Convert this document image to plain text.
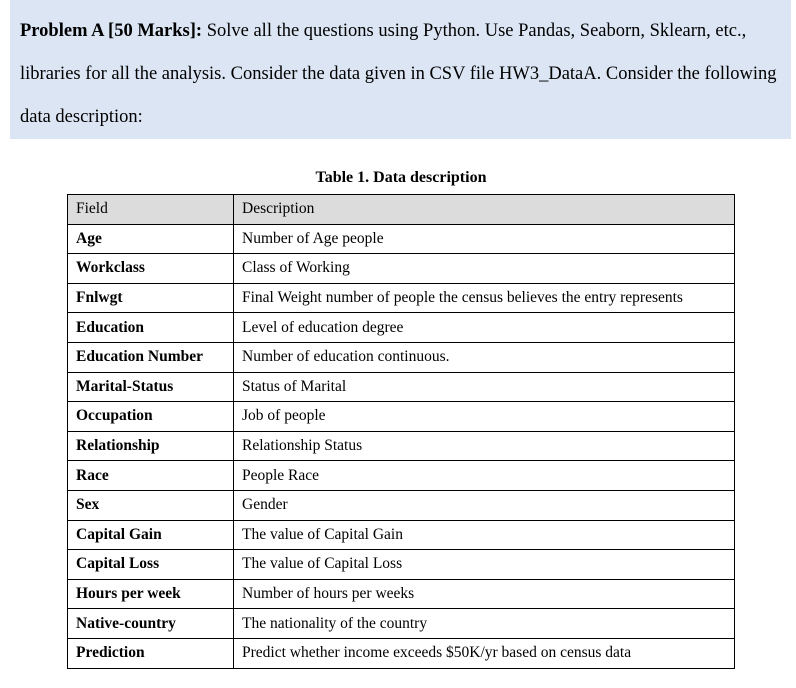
Problem A [50 Marks]: Solve all the questions using Python. Use Pandas, Seaborn, Sklearn, etc., libraries for all the analysis. Consider the data given in CSV file HW3_DataA. Consider the following data description:
Table 1. Data description
Field	Description
Age	Number of Age people
Workclass	Class of Working
Fnlwgt	Final Weight number of people the census believes the entry represents
Education	Level of education degree
Education Number	Number of education continuous.
Marital-Status	Status of Marital
Occupation	Job of people
Relationship	Relationship Status
Race	People Race
Sex	Gender
Capital Gain	The value of Capital Gain
Capital Loss	The value of Capital Loss
Hours per week	Number of hours per weeks
Native-country	The nationality of the country
Prediction	Predict whether income exceeds $50K/yr based on census data
